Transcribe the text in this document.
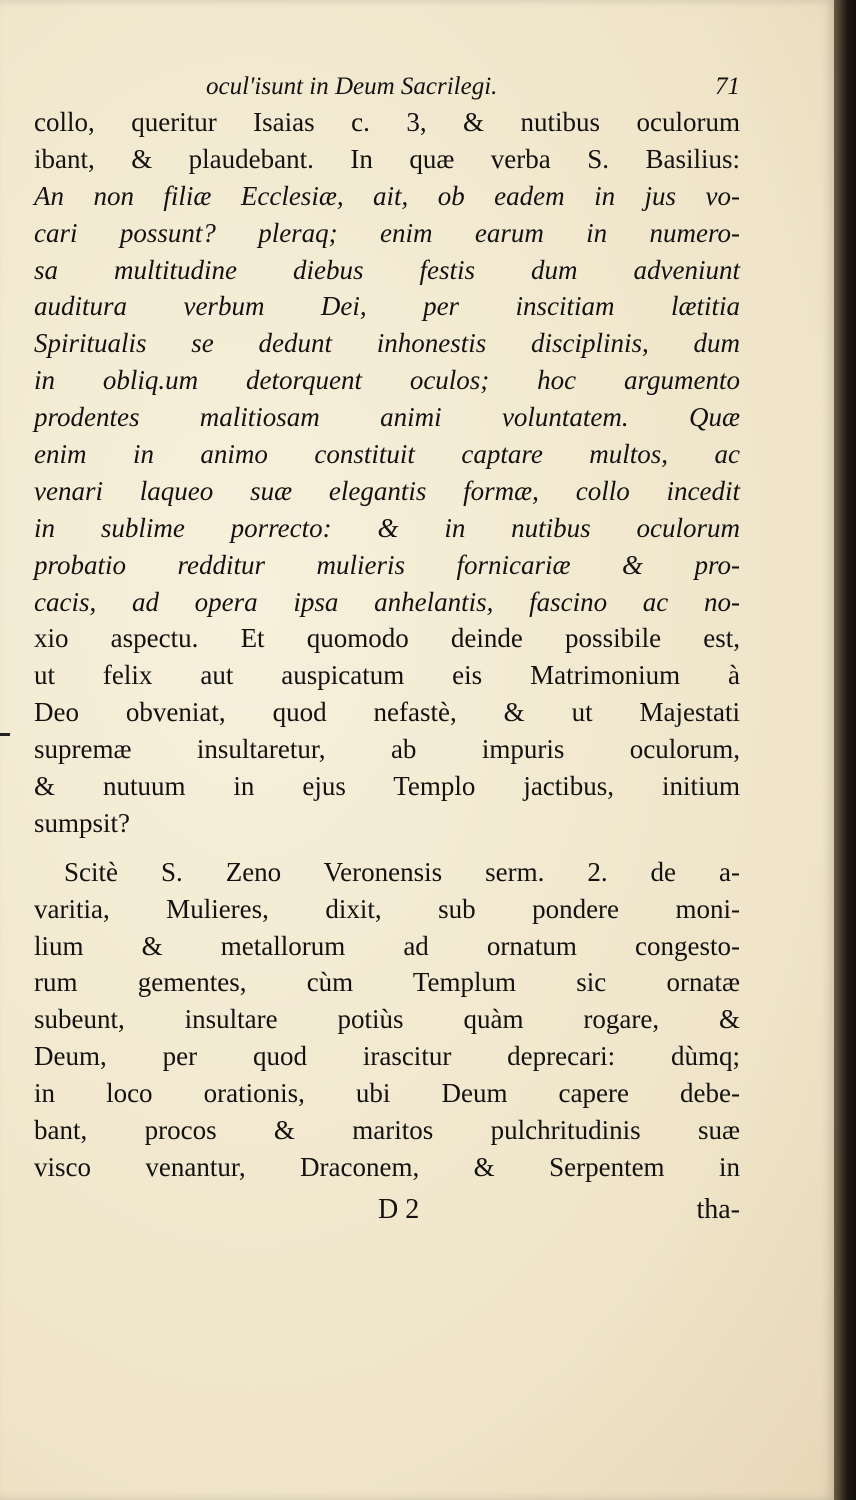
ocul'isunt in Deum Sacrilegi.	71
collo, queritur Isaias c. 3, & nutibus oculorum
ibant, & plaudebant. In quæ verba S. Basilius:
An non filiæ Ecclesiæ, ait, ob eadem in jus vo-
cari possunt? pleraq; enim earum in numero-
sa multitudine diebus festis dum adveniunt
auditura verbum Dei, per inscitiam lætitia
Spiritualis se dedunt inhonestis disciplinis, dum
in obliq.um detorquent oculos; hoc argumento
prodentes malitiosam animi voluntatem. Quæ
enim in animo constituit captare multos, ac
venari laqueo suæ elegantis formæ, collo incedit
in sublime porrecto: & in nutibus oculorum
probatio redditur mulieris fornicariæ & pro-
cacis, ad opera ipsa anhelantis, fascino ac no-
xio aspectu. Et quomodo deinde possibile est,
ut felix aut auspicatum eis Matrimonium à
Deo obveniat, quod nefastè, & ut Majestati
supremæ insultaretur, ab impuris oculorum,
& nutuum in ejus Templo jactibus, initium
sumpsit?
Scitè S. Zeno Veronensis serm. 2. de a-
varitia, Mulieres, dixit, sub pondere moni-
lium & metallorum ad ornatum congesto-
rum gementes, cùm Templum sic ornatæ
subeunt, insultare potiùs quàm rogare, &
Deum, per quod irascitur deprecari: dùmq;
in loco orationis, ubi Deum capere debe-
bant, procos & maritos pulchritudinis suæ
visco venantur, Draconem, & Serpentem in
D 2	tha-
